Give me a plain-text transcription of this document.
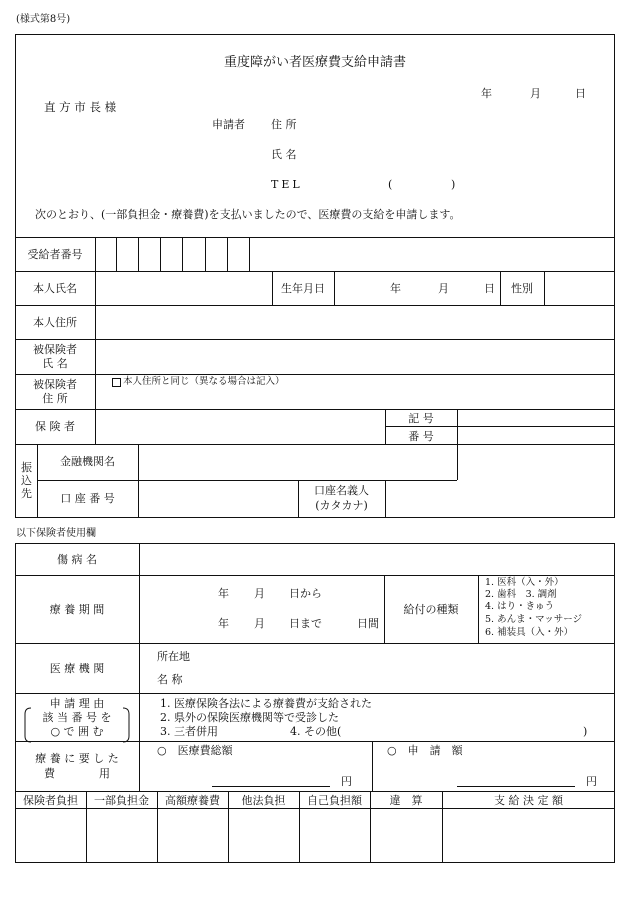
(様式第8号)
重度障がい者医療費支給申請書
年	月	日
直 方 市 長 様
申請者 住 所
氏 名
TEL	(	)
次のとおり、(一部負担金・療養費)を支払いましたので、医療費の支給を申請します。
受給者番号
本人氏名	生年月日	年	月	日	性別
本人住所
被保険者
氏 名
被保険者
住 所
本人住所と同じ（異なる場合は記入）
保 険 者
記 号
番 号
振
込
先
金融機関名
口 座 番 号
口座名義人
(カタカナ)
以下保険者使用欄
傷 病 名
療 養 期 間
年 月 日から
年 月 日まで	日間
給付の種類
1. 医科（入・外）
2. 歯科　3. 調剤
4. はり・きゅう
5. あんま・マッサージ
6. 補装具（入・外）
医 療 機 関
所在地
名 称
申 請 理 由
該 当 番 号 を
○ で 囲 む
1. 医療保険各法による療養費が支給された
2. 県外の保険医療機関等で受診した
3. 三者併用	4. その他(	)
療 養 に 要 し た
費　　　　用
○　医療費総額
円
○　申　請　額
円
保険者負担	一部負担金	高額療養費	他法負担	自己負担額	違　算	支 給 決 定 額
